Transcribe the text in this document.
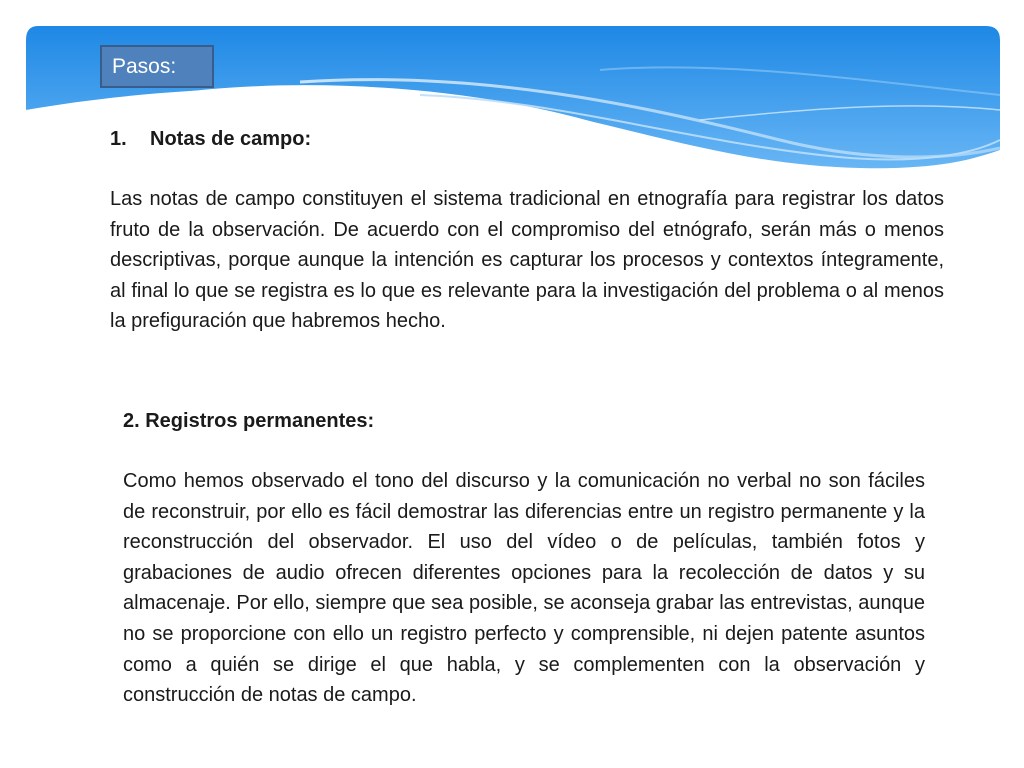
Pasos:
1. Notas de campo:
Las notas de campo constituyen el sistema tradicional en etnografía para registrar los datos fruto de la observación. De acuerdo con el compromiso del etnógrafo, serán más o menos descriptivas, porque aunque la intención es capturar los procesos y contextos íntegramente, al final lo que se registra es lo que es relevante para la investigación del problema o al menos la prefiguración que habremos hecho.
2. Registros permanentes:
Como hemos observado el tono del discurso y la comunicación no verbal no son fáciles de reconstruir, por ello es fácil demostrar las diferencias entre un registro permanente y la reconstrucción del observador. El uso del vídeo o de películas, también fotos y grabaciones de audio ofrecen diferentes opciones para la recolección de datos y su almacenaje. Por ello, siempre que sea posible, se aconseja grabar las entrevistas, aunque no se proporcione con ello un registro perfecto y comprensible, ni dejen patente asuntos como a quién se dirige el que habla, y se complementen con la observación y construcción de notas de campo.
